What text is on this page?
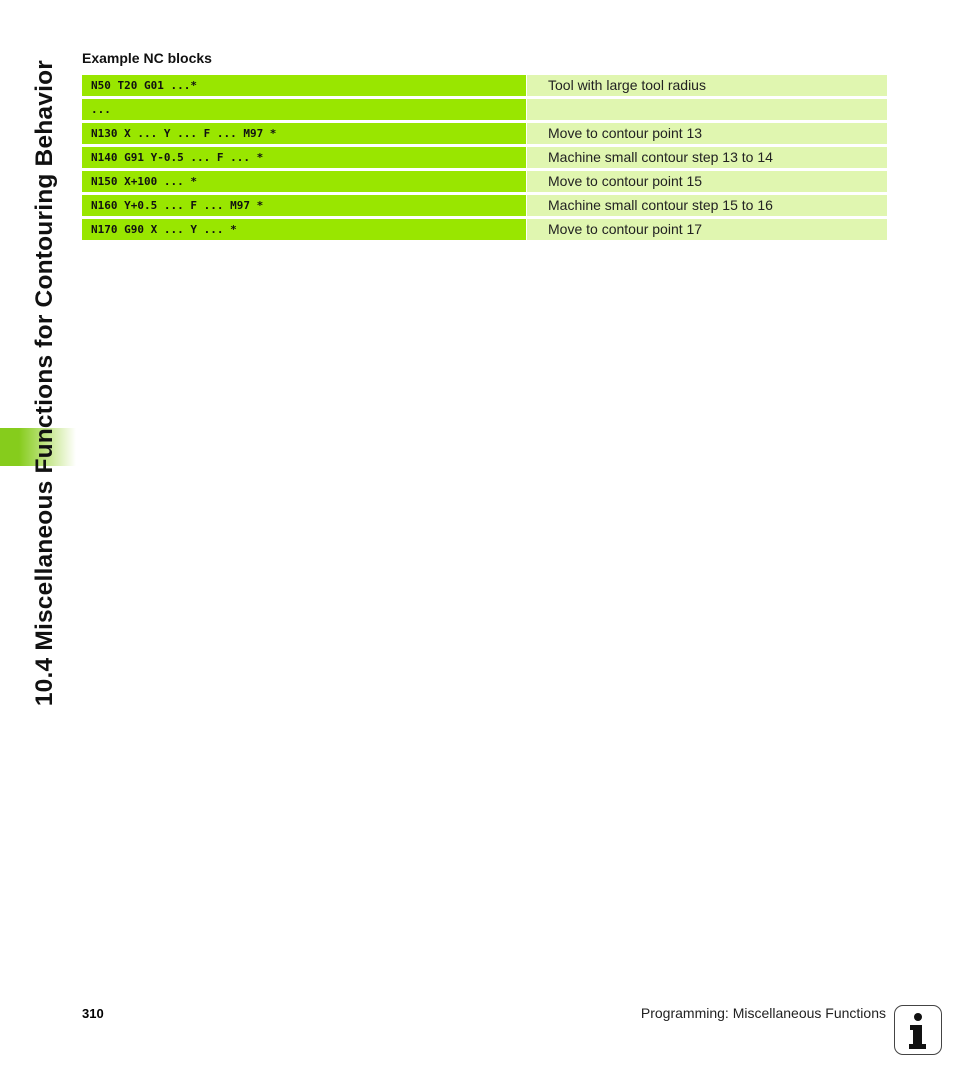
10.4 Miscellaneous Functions for Contouring Behavior
Example NC blocks
N50 T20 G01 ...*	Tool with large tool radius
...
N130 X ... Y ... F ... M97 *	Move to contour point 13
N140 G91 Y-0.5 ... F ... *	Machine small contour step 13 to 14
N150 X+100 ... *	Move to contour point 15
N160 Y+0.5 ... F ... M97 *	Machine small contour step 15 to 16
N170 G90 X ... Y ... *	Move to contour point 17
310	Programming: Miscellaneous Functions
